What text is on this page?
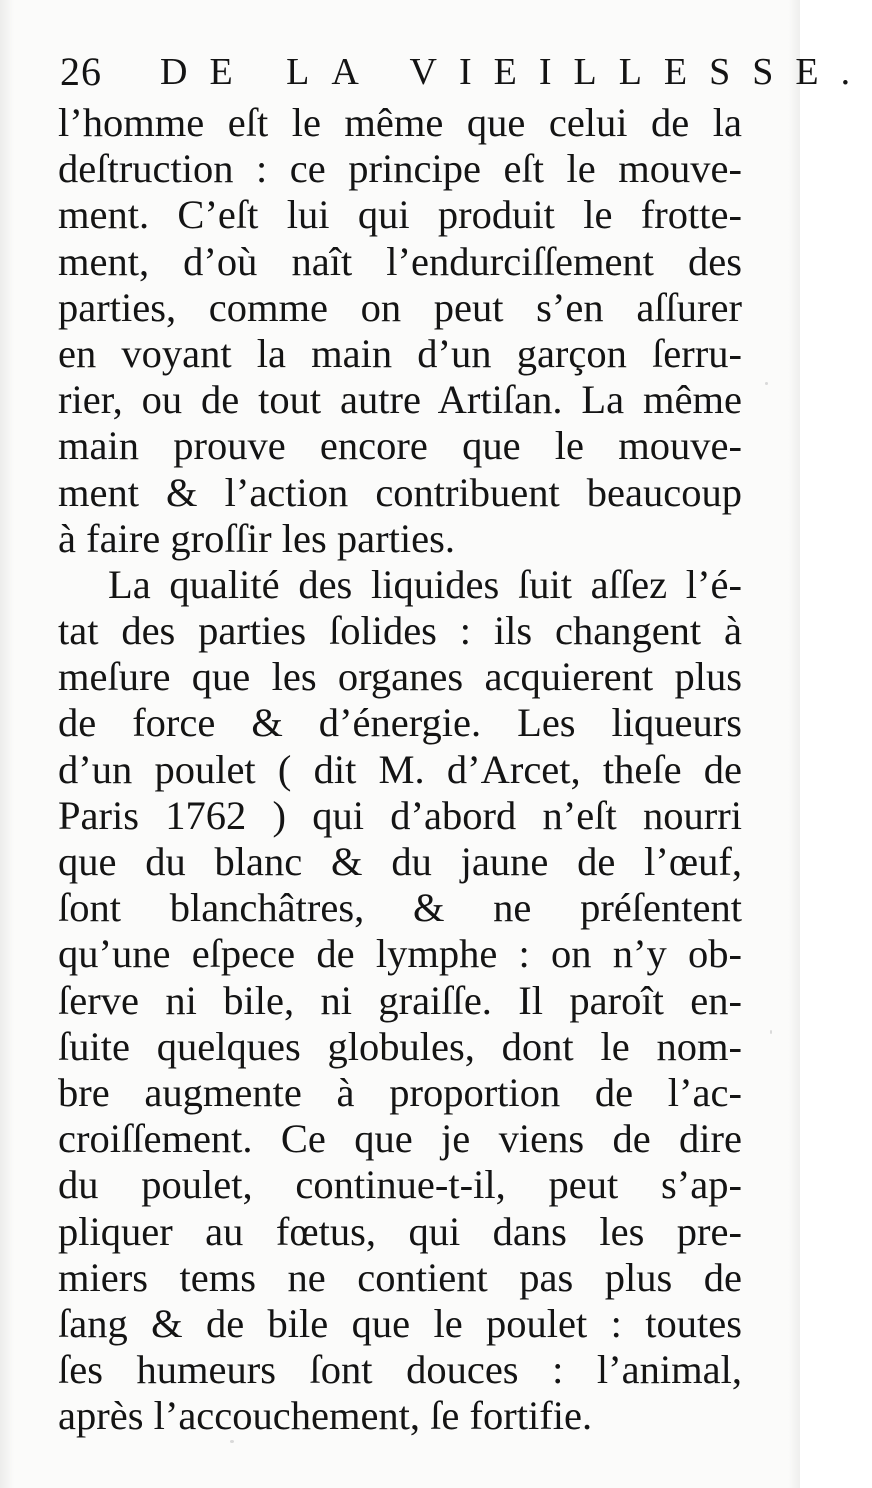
26 DE LA VIEILLESSE.
l’homme eſt le même que celui de la
deſtruction : ce principe eſt le mouve-
ment. C’eſt lui qui produit le frotte-
ment, d’où naît l’endurciſſement des
parties, comme on peut s’en aſſurer
en voyant la main d’un garçon ſerru-
rier, ou de tout autre Artiſan. La même
main prouve encore que le mouve-
ment & l’action contribuent beaucoup
à faire groſſir les parties.
La qualité des liquides ſuit aſſez l’é-
tat des parties ſolides : ils changent à
meſure que les organes acquierent plus
de force & d’énergie. Les liqueurs
d’un poulet ( dit M. d’Arcet, theſe de
Paris 1762 ) qui d’abord n’eſt nourri
que du blanc & du jaune de l’œuf,
ſont blanchâtres, & ne préſentent
qu’une eſpece de lymphe : on n’y ob-
ſerve ni bile, ni graiſſe. Il paroît en-
ſuite quelques globules, dont le nom-
bre augmente à proportion de l’ac-
croiſſement. Ce que je viens de dire
du poulet, continue-t-il, peut s’ap-
pliquer au fœtus, qui dans les pre-
miers tems ne contient pas plus de
ſang & de bile que le poulet : toutes
ſes humeurs ſont douces : l’animal,
après l’accouchement, ſe fortifie.
